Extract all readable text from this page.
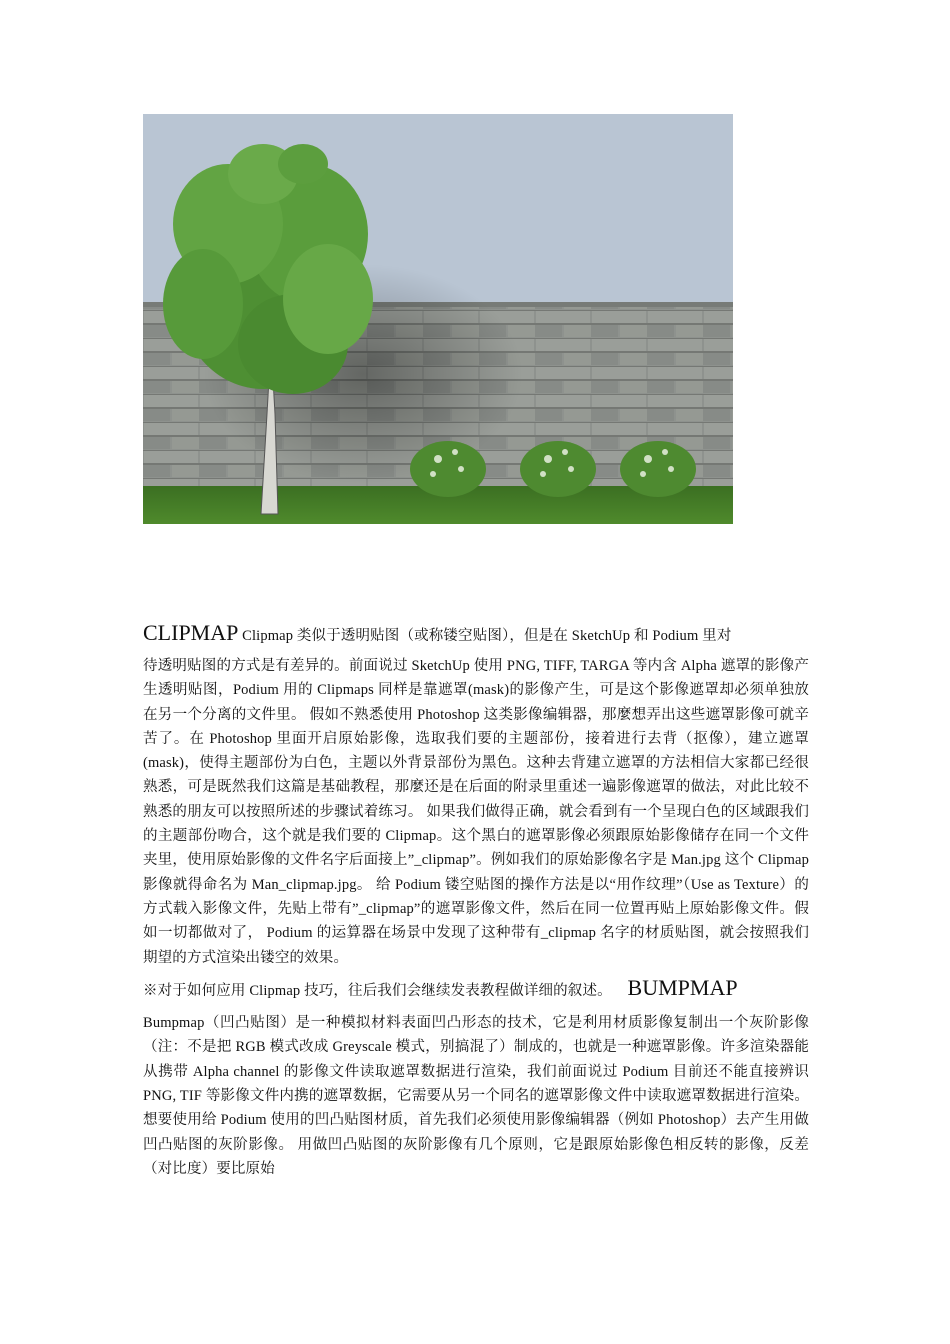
CLIPMAP Clipmap 类似于透明贴图（或称镂空贴图），但是在 SketchUp 和 Podium 里对
待透明贴图的方式是有差异的。前面说过 SketchUp 使用 PNG, TIFF, TARGA 等内含 Alpha 遮罩的影像产生透明贴图，Podium 用的 Clipmaps 同样是靠遮罩(mask)的影像产生，可是这个影像遮罩却必须单独放在另一个分离的文件里。 假如不熟悉使用 Photoshop 这类影像编辑器，那麼想弄出这些遮罩影像可就辛苦了。在 Photoshop 里面开启原始影像，选取我们要的主题部份，接着进行去背（抠像），建立遮罩(mask)，使得主题部份为白色，主题以外背景部份为黑色。这种去背建立遮罩的方法相信大家都已经很熟悉，可是既然我们这篇是基础教程，那麼还是在后面的附录里重述一遍影像遮罩的做法，对此比较不熟悉的朋友可以按照所述的步骤试着练习。 如果我们做得正确，就会看到有一个呈现白色的区域跟我们的主题部份吻合，这个就是我们要的 Clipmap。这个黑白的遮罩影像必须跟原始影像储存在同一个文件夹里，使用原始影像的文件名字后面接上”_clipmap”。例如我们的原始影像名字是 Man.jpg 这个 Clipmap 影像就得命名为 Man_clipmap.jpg。 给 Podium 镂空贴图的操作方法是以“用作纹理”（Use as Texture）的方式载入影像文件，先贴上带有”_clipmap”的遮罩影像文件，然后在同一位置再贴上原始影像文件。假如一切都做对了， Podium 的运算器在场景中发现了这种带有_clipmap 名字的材质贴图，就会按照我们期望的方式渲染出镂空的效果。
※对于如何应用 Clipmap 技巧，往后我们会继续发表教程做详细的叙述。 BUMPMAP
Bumpmap（凹凸贴图）是一种模拟材料表面凹凸形态的技术，它是利用材质影像复制出一个灰阶影像（注：不是把 RGB 模式改成 Greyscale 模式，别搞混了）制成的，也就是一种遮罩影像。许多渲染器能从携带 Alpha channel 的影像文件读取遮罩数据进行渲染，我们前面说过 Podium 目前还不能直接辨识 PNG, TIF 等影像文件内携的遮罩数据，它需要从另一个同名的遮罩影像文件中读取遮罩数据进行渲染。想要使用给 Podium 使用的凹凸贴图材质，首先我们必须使用影像编辑器（例如 Photoshop）去产生用做凹凸贴图的灰阶影像。 用做凹凸贴图的灰阶影像有几个原则，它是跟原始影像色相反转的影像，反差（对比度）要比原始
